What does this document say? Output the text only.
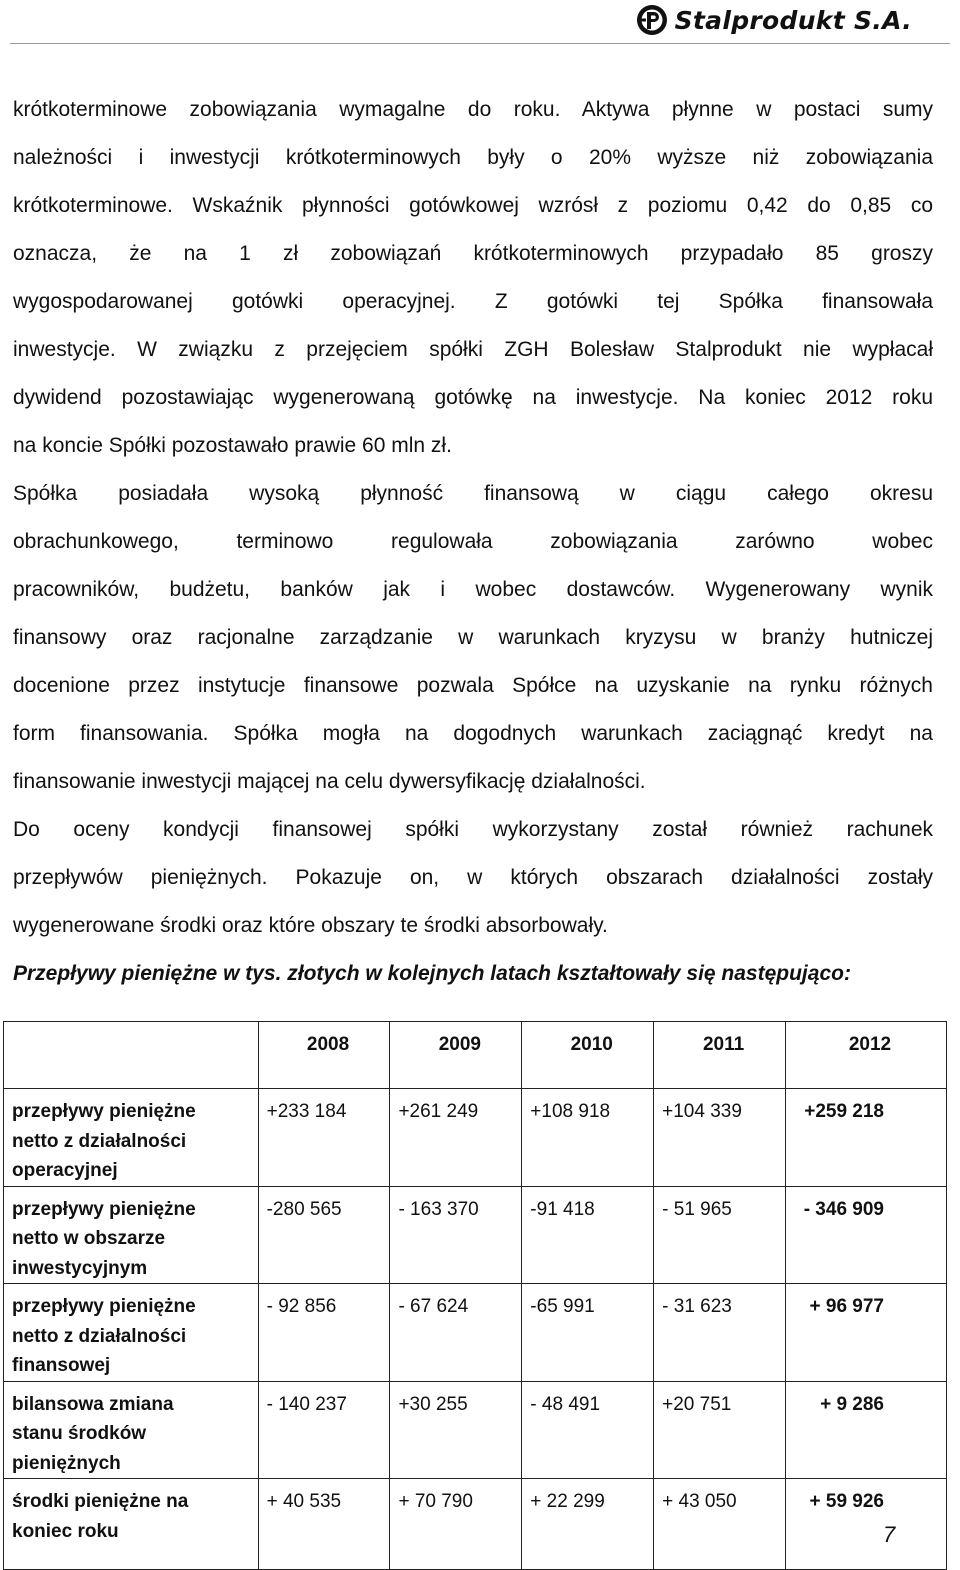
Stalprodukt S.A.
krótkoterminowe zobowiązania wymagalne do roku. Aktywa płynne w postaci sumy
należności i inwestycji krótkoterminowych były o 20% wyższe niż zobowiązania
krótkoterminowe. Wskaźnik płynności gotówkowej wzrósł z poziomu 0,42 do 0,85 co
oznacza, że na 1 zł zobowiązań krótkoterminowych przypadało 85 groszy
wygospodarowanej gotówki operacyjnej. Z gotówki tej Spółka finansowała
inwestycje. W związku z przejęciem spółki ZGH Bolesław Stalprodukt nie wypłacał
dywidend pozostawiając wygenerowaną gotówkę na inwestycje. Na koniec 2012 roku
na koncie Spółki pozostawało prawie 60 mln zł.
Spółka posiadała wysoką płynność finansową w ciągu całego okresu
obrachunkowego, terminowo regulowała zobowiązania zarówno wobec
pracowników, budżetu, banków jak i wobec dostawców. Wygenerowany wynik
finansowy oraz racjonalne zarządzanie w warunkach kryzysu w branży hutniczej
docenione przez instytucje finansowe pozwala Spółce na uzyskanie na rynku różnych
form finansowania. Spółka mogła na dogodnych warunkach zaciągnąć kredyt na
finansowanie inwestycji mającej na celu dywersyfikację działalności.
Do oceny kondycji finansowej spółki wykorzystany został również rachunek
przepływów pieniężnych. Pokazuje on, w których obszarach działalności zostały
wygenerowane środki oraz które obszary te środki absorbowały.
Przepływy pieniężne w tys. złotych w kolejnych latach kształtowały się następująco:
	2008	2009	2010	2011	2012

przepływy pieniężne
netto z działalności
operacyjnej	+233 184	+261 249	+108 918	+104 339	+259 218

przepływy pieniężne
netto w obszarze
inwestycyjnym	-280 565	- 163 370	-91 418	- 51 965	- 346 909

przepływy pieniężne
netto z działalności
finansowej	- 92 856	- 67 624	-65 991	- 31 623	+ 96 977

bilansowa zmiana
stanu środków
pieniężnych	- 140 237	+30 255	- 48 491	+20 751	+ 9 286

środki pieniężne na
koniec roku	+ 40 535	+ 70 790	+ 22 299	+ 43 050	+ 59 926
7
